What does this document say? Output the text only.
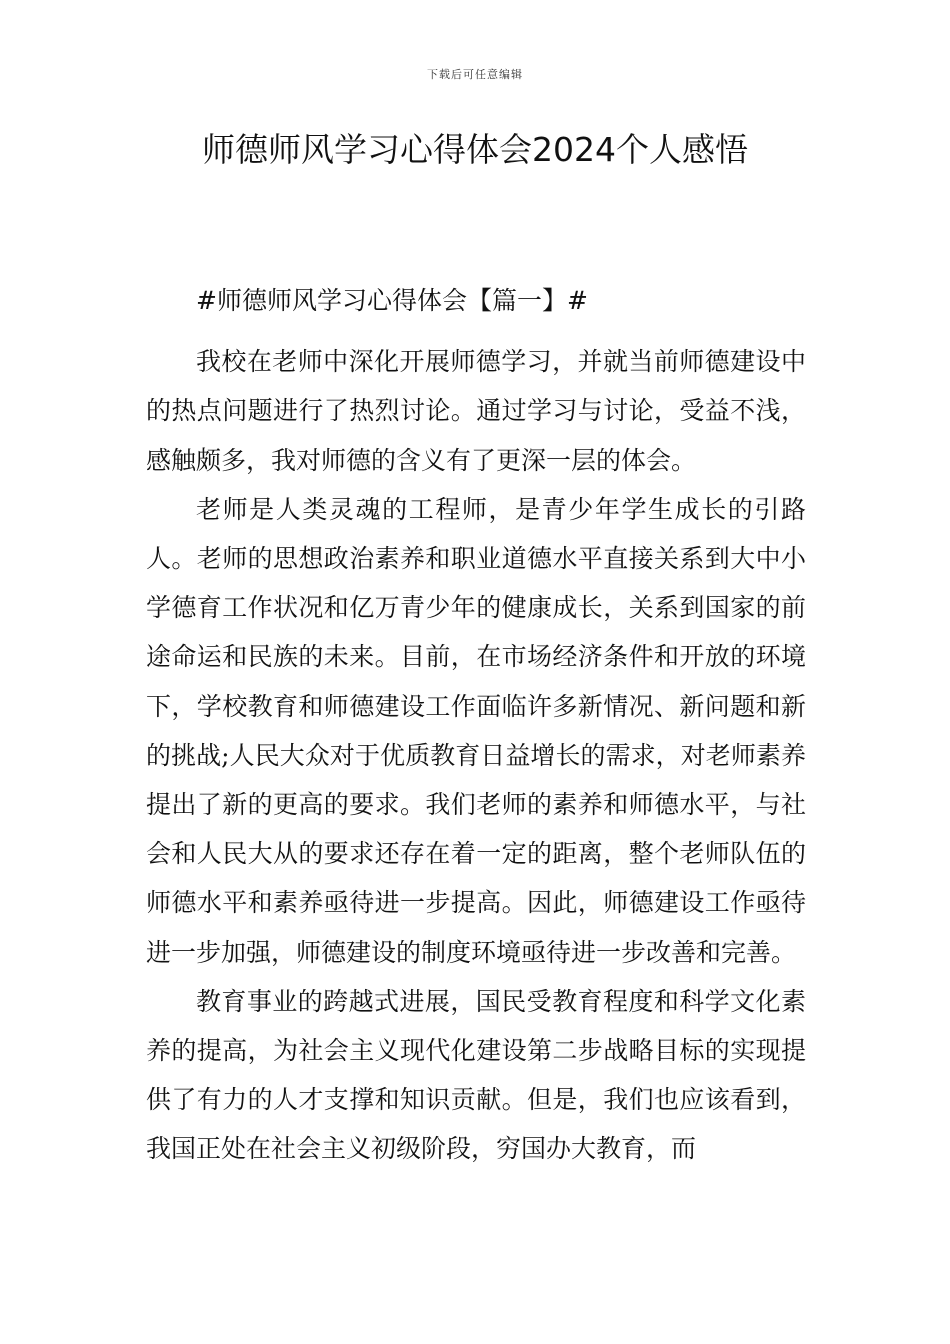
下载后可任意编辑
师德师风学习心得体会2024个人感悟

#师德师风学习心得体会【篇一】#

我校在老师中深化开展师德学习，并就当前师德建设中的热点问题进行了热烈讨论。通过学习与讨论，受益不浅，感触颇多，我对师德的含义有了更深一层的体会。

老师是人类灵魂的工程师，是青少年学生成长的引路人。老师的思想政治素养和职业道德水平直接关系到大中小学德育工作状况和亿万青少年的健康成长，关系到国家的前途命运和民族的未来。目前，在市场经济条件和开放的环境下，学校教育和师德建设工作面临许多新情况、新问题和新的挑战;人民大众对于优质教育日益增长的需求，对老师素养提出了新的更高的要求。我们老师的素养和师德水平，与社会和人民大从的要求还存在着一定的距离，整个老师队伍的师德水平和素养亟待进一步提高。因此，师德建设工作亟待进一步加强，师德建设的制度环境亟待进一步改善和完善。

教育事业的跨越式进展，国民受教育程度和科学文化素养的提高，为社会主义现代化建设第二步战略目标的实现提供了有力的人才支撑和知识贡献。但是，我们也应该看到，我国正处在社会主义初级阶段，穷国办大教育，而
